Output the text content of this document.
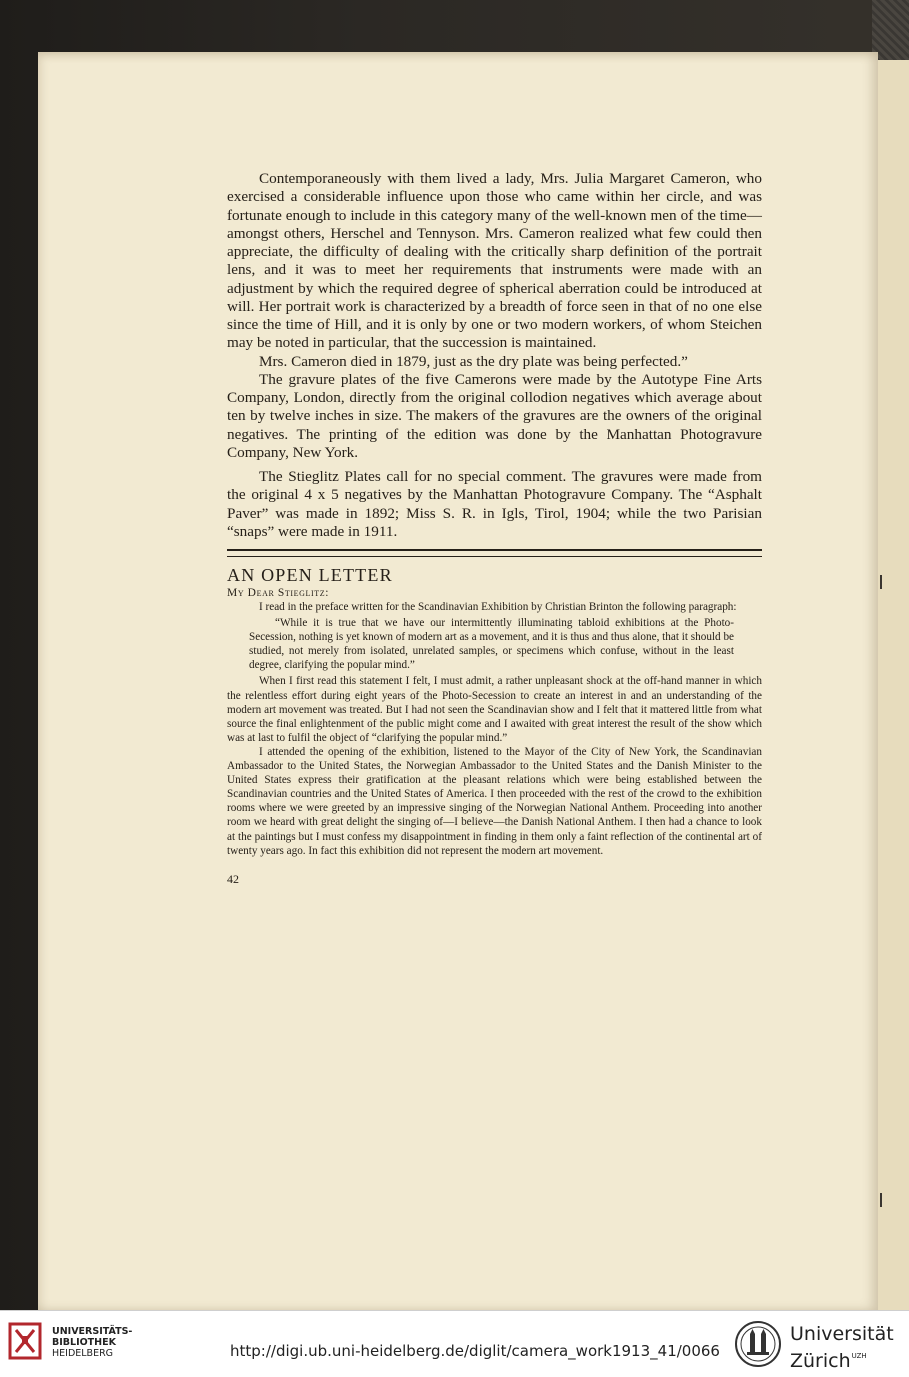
Contemporaneously with them lived a lady, Mrs. Julia Margaret Cameron, who exercised a considerable influence upon those who came within her circle, and was fortunate enough to include in this category many of the well-known men of the time—amongst others, Herschel and Tennyson. Mrs. Cameron realized what few could then appreciate, the difficulty of dealing with the critically sharp definition of the portrait lens, and it was to meet her requirements that instruments were made with an adjustment by which the required degree of spherical aberration could be introduced at will. Her portrait work is characterized by a breadth of force seen in that of no one else since the time of Hill, and it is only by one or two modern workers, of whom Steichen may be noted in particular, that the succession is maintained.

Mrs. Cameron died in 1879, just as the dry plate was being perfected.”

The gravure plates of the five Camerons were made by the Autotype Fine Arts Company, London, directly from the original collodion negatives which average about ten by twelve inches in size. The makers of the gravures are the owners of the original negatives. The printing of the edition was done by the Manhattan Photogravure Company, New York.

The Stieglitz Plates call for no special comment. The gravures were made from the original 4 x 5 negatives by the Manhattan Photogravure Company. The “Asphalt Paver” was made in 1892; Miss S. R. in Igls, Tirol, 1904; while the two Parisian “snaps” were made in 1911.

AN OPEN LETTER
My Dear Stieglitz:

I read in the preface written for the Scandinavian Exhibition by Christian Brinton the following paragraph:

“While it is true that we have our intermittently illuminating tabloid exhibitions at the Photo-Secession, nothing is yet known of modern art as a movement, and it is thus and thus alone, that it should be studied, not merely from isolated, unrelated samples, or specimens which confuse, without in the least degree, clarifying the popular mind.”

When I first read this statement I felt, I must admit, a rather unpleasant shock at the off-hand manner in which the relentless effort during eight years of the Photo-Secession to create an interest in and an understanding of the modern art movement was treated. But I had not seen the Scandinavian show and I felt that it mattered little from what source the final enlightenment of the public might come and I awaited with great interest the result of the show which was at last to fulfil the object of “clarifying the popular mind.”

I attended the opening of the exhibition, listened to the Mayor of the City of New York, the Scandinavian Ambassador to the United States, the Norwegian Ambassador to the United States and the Danish Minister to the United States express their gratification at the pleasant relations which were being established between the Scandinavian countries and the United States of America. I then proceeded with the rest of the crowd to the exhibition rooms where we were greeted by an impressive singing of the Norwegian National Anthem. Proceeding into another room we heard with great delight the singing of—I believe—the Danish National Anthem. I then had a chance to look at the paintings but I must confess my disappointment in finding in them only a faint reflection of the continental art of twenty years ago. In fact this exhibition did not represent the modern art movement.

42
UNIVERSITÄTS-
BIBLIOTHEK
HEIDELBERG	http://digi.ub.uni-heidelberg.de/diglit/camera_work1913_41/0066
Universität
Zürich$^{UZH}$
